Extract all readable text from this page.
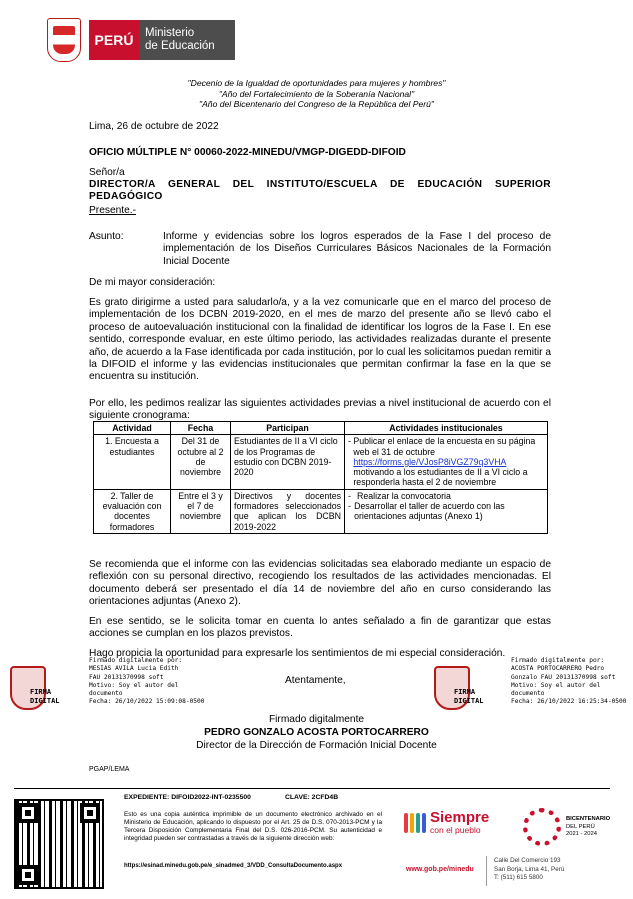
PERÚ	Ministerio
de Educación
"Decenio de la Igualdad de oportunidades para mujeres y hombres"
"Año del Fortalecimiento de la Soberanía Nacional"
"Año del Bicentenario del Congreso de la República del Perú"
Lima, 26 de octubre de 2022
OFICIO MÚLTIPLE N° 00060-2022-MINEDU/VMGP-DIGEDD-DIFOID
Señor/a
DIRECTOR/A GENERAL DEL INSTITUTO/ESCUELA DE EDUCACIÓN SUPERIOR PEDAGÓGICO
Presente.-
Asunto:	Informe y evidencias sobre los logros esperados de la Fase I del proceso de implementación de los Diseños Curriculares Básicos Nacionales de la Formación Inicial Docente
De mi mayor consideración:
Es grato dirigirme a usted para saludarlo/a, y a la vez comunicarle que en el marco del proceso de implementación de los DCBN 2019-2020, en el mes de marzo del presente año se llevó cabo el proceso de autoevaluación institucional con la finalidad de identificar los logros de la Fase I. En ese sentido, corresponde evaluar, en este último periodo, las actividades realizadas durante el presente año, de acuerdo a la Fase identificada por cada institución, por lo cual les solicitamos puedan remitir a la DIFOID el informe y las evidencias institucionales que permitan confirmar la fase en la que se encuentra su institución.
Por ello, les pedimos realizar las siguientes actividades previas a nivel institucional de acuerdo con el siguiente cronograma:
Actividad	Fecha	Participan	Actividades institucionales
1. Encuesta a estudiantes	Del 31 de octubre al 2 de noviembre	Estudiantes de II a VI ciclo de los Programas de estudio con DCBN 2019-2020	- Publicar el enlace de la encuesta en su página web el 31 de octubre
https://forms.gle/VJosP8iVGZ79q3VHA
motivando a los estudiantes de II a VI ciclo a responderla hasta el 2 de noviembre

2. Taller de evaluación con docentes formadores	Entre el 3 y el 7 de noviembre	Directivos y docentes formadores seleccionados que aplican los DCBN 2019-2022	- Realizar la convocatoria
- Desarrollar el taller de acuerdo con las orientaciones adjuntas (Anexo 1)
Se recomienda que el informe con las evidencias solicitadas sea elaborado mediante un espacio de reflexión con su personal directivo, recogiendo los resultados de las actividades mencionadas. El documento deberá ser presentado el día 14 de noviembre del año en curso considerando las orientaciones adjuntas (Anexo 2).
En ese sentido, se le solicita tomar en cuenta lo antes señalado a fin de garantizar que estas acciones se cumplan en los plazos previstos.
Hago propicia la oportunidad para expresarle los sentimientos de mi especial consideración.
FIRMA
DIGITAL
Firmado digitalmente por:
MESIAS AVILA Lucia Edith
FAU 20131370998 soft
Motivo: Soy el autor del
documento
Fecha: 26/10/2022 15:09:08-0500
Atentamente,
FIRMA
DIGITAL
Firmado digitalmente por:
ACOSTA PORTOCARRERO Pedro
Gonzalo FAU 20131370998 soft
Motivo: Soy el autor del
documento
Fecha: 26/10/2022 16:25:34-0500
Firmado digitalmente
PEDRO GONZALO ACOSTA PORTOCARRERO
Director de la Dirección de Formación Inicial Docente
PGAP/LEMA
EXPEDIENTE: DIFOID2022-INT-0235500	CLAVE: 2CFD4B
Esto es una copia auténtica imprimible de un documento electrónico archivado en el Ministerio de Educación, aplicando lo dispuesto por el Art. 25 de D.S. 070-2013-PCM y la Tercera Disposición Complementaria Final del D.S. 026-2016-PCM. Su autenticidad e integridad pueden ser contrastadas a través de la siguiente dirección web:
https://esinad.minedu.gob.pe/e_sinadmed_3/VDD_ConsultaDocumento.aspx
Siempre
con el pueblo
BICENTENARIO
DEL PERÚ
2021 - 2024
www.gob.pe/minedu
Calle Del Comercio 193
San Borja, Lima 41, Perú
T: (511) 615 5800
